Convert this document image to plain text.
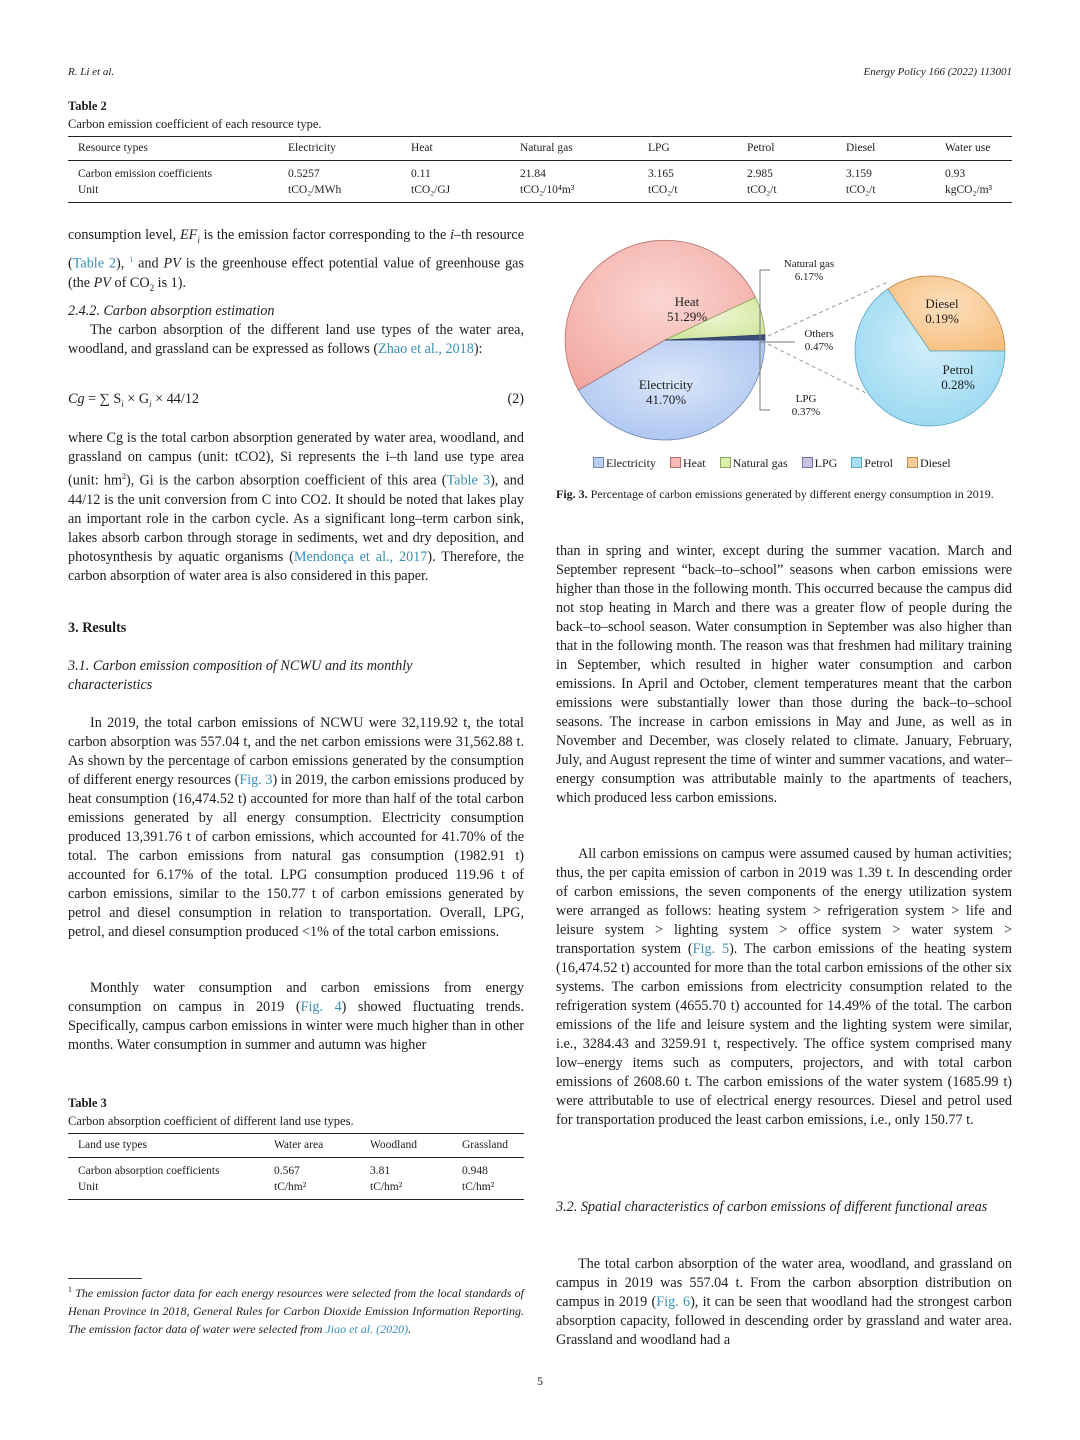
R. Li et al.	Energy Policy 166 (2022) 113001
Table 2
Carbon emission coefficient of each resource type.
Resource types	Electricity	Heat	Natural gas	LPG	Petrol	Diesel	Water use
Carbon emission coefficients	0.5257	0.11	21.84	3.165	2.985	3.159	0.93
Unit	tCO₂/MWh	tCO₂/GJ	tCO₂/10⁴m³	tCO₂/t	tCO₂/t	tCO₂/t	kgCO₂/m³
consumption level, $EF_i$ is the emission factor corresponding to the i–th resource (Table 2), $^1$ and PV is the greenhouse effect potential value of greenhouse gas (the PV of $CO_2$ is 1).
2.4.2. Carbon absorption estimation
The carbon absorption of the different land use types of the water area, woodland, and grassland can be expressed as follows (Zhao et al., 2018):
Cg = ∑ $S_i \times G_i \times 44/12$	(2)
where Cg is the total carbon absorption generated by water area, woodland, and grassland on campus (unit: tCO2), Si represents the i–th land use type area (unit: $hm^2$), Gi is the carbon absorption coefficient of this area (Table 3), and 44/12 is the unit conversion from C into CO2. It should be noted that lakes play an important role in the carbon cycle. As a significant long–term carbon sink, lakes absorb carbon through storage in sediments, wet and dry deposition, and photosynthesis by aquatic organisms (Mendonça et al., 2017). Therefore, the carbon absorption of water area is also considered in this paper.
3. Results
3.1. Carbon emission composition of NCWU and its monthly characteristics
In 2019, the total carbon emissions of NCWU were 32,119.92 t, the total carbon absorption was 557.04 t, and the net carbon emissions were 31,562.88 t. As shown by the percentage of carbon emissions generated by the consumption of different energy resources (Fig. 3) in 2019, the carbon emissions produced by heat consumption (16,474.52 t) accounted for more than half of the total carbon emissions generated by all energy consumption. Electricity consumption produced 13,391.76 t of carbon emissions, which accounted for 41.70% of the total. The carbon emissions from natural gas consumption (1982.91 t) accounted for 6.17% of the total. LPG consumption produced 119.96 t of carbon emissions, similar to the 150.77 t of carbon emissions generated by petrol and diesel consumption in relation to transportation. Overall, LPG, petrol, and diesel consumption produced <1% of the total carbon emissions.
Monthly water consumption and carbon emissions from energy consumption on campus in 2019 (Fig. 4) showed fluctuating trends. Specifically, campus carbon emissions in winter were much higher than in other months. Water consumption in summer and autumn was higher
Table 3
Carbon absorption coefficient of different land use types.
Land use types	Water area	Woodland	Grassland
Carbon absorption coefficients	0.567	3.81	0.948
Unit	tC/hm²	tC/hm²	tC/hm²
$^1$ The emission factor data for each energy resources were selected from the local standards of Henan Province in 2018, General Rules for Carbon Dioxide Emission Information Reporting. The emission factor data of water were selected from Jiao et al. (2020).
Heat
51.29%
Electricity
41.70%
Natural gas
6.17%
Others
0.47%
LPG
0.37%
Diesel
0.19%
Petrol
0.28%
Electricity	Heat	Natural gas	LPG	Petrol	Diesel
Fig. 3. Percentage of carbon emissions generated by different energy consumption in 2019.
than in spring and winter, except during the summer vacation. March and September represent “back–to–school” seasons when carbon emissions were higher than those in the following month. This occurred because the campus did not stop heating in March and there was a greater flow of people during the back–to–school season. Water consumption in September was also higher than that in the following month. The reason was that freshmen had military training in September, which resulted in higher water consumption and carbon emissions. In April and October, clement temperatures meant that the carbon emissions were substantially lower than those during the back–to–school seasons. The increase in carbon emissions in May and June, as well as in November and December, was closely related to climate. January, February, July, and August represent the time of winter and summer vacations, and water–energy consumption was attributable mainly to the apartments of teachers, which produced less carbon emissions.
All carbon emissions on campus were assumed caused by human activities; thus, the per capita emission of carbon in 2019 was 1.39 t. In descending order of carbon emissions, the seven components of the energy utilization system were arranged as follows: heating system > refrigeration system > life and leisure system > lighting system > office system > water system > transportation system (Fig. 5). The carbon emissions of the heating system (16,474.52 t) accounted for more than the total carbon emissions of the other six systems. The carbon emissions from electricity consumption related to the refrigeration system (4655.70 t) accounted for 14.49% of the total. The carbon emissions of the life and leisure system and the lighting system were similar, i.e., 3284.43 and 3259.91 t, respectively. The office system comprised many low–energy items such as computers, projectors, and with total carbon emissions of 2608.60 t. The carbon emissions of the water system (1685.99 t) were attributable to use of electrical energy resources. Diesel and petrol used for transportation produced the least carbon emissions, i.e., only 150.77 t.
3.2. Spatial characteristics of carbon emissions of different functional areas
The total carbon absorption of the water area, woodland, and grassland on campus in 2019 was 557.04 t. From the carbon absorption distribution on campus in 2019 (Fig. 6), it can be seen that woodland had the strongest carbon absorption capacity, followed in descending order by grassland and water area. Grassland and woodland had a
5
